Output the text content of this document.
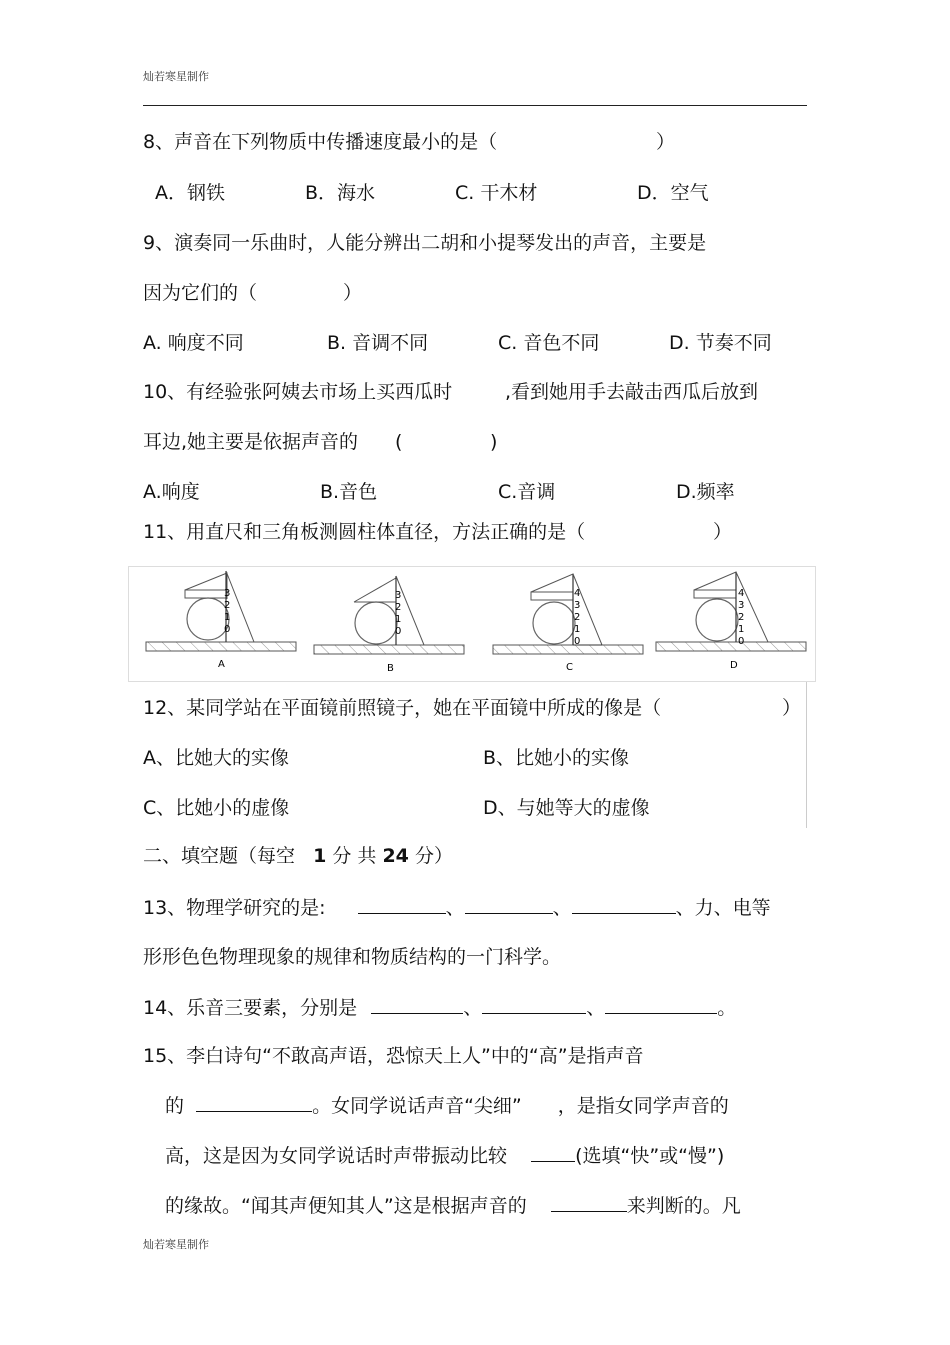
灿若寒星制作
8、声音在下列物质中传播速度最小的是（	）
A．钢铁	B．海水	C. 干木材	D．空气
9、演奏同一乐曲时，人能分辨出二胡和小提琴发出的声音，主要是
因为它们的（	）
A. 响度不同	B. 音调不同	C. 音色不同	D. 节奏不同
10、有经验张阿姨去市场上买西瓜时	,看到她用手去敲击西瓜后放到
耳边,她主要是依据声音的 (	)
A.响度	B.音色	C.音调	D.频率
11、用直尺和三角板测圆柱体直径，方法正确的是（	）
3
2
1
0
A
3
2
1
0
B
4
3
2
1
0
C
4
3
2
1
0
D
12、某同学站在平面镜前照镜子，她在平面镜中所成的像是（	）
A、比她大的实像	B、比她小的实像
C、比她小的虚像	D、与她等大的虚像
二、填空题（每空 1 分 共 24 分）
13、物理学研究的是:	、	、	、力、电等
形形色色物理现象的规律和物质结构的一门科学。
14、乐音三要素，分别是	、	、	。
15、李白诗句“不敢高声语，恐惊天上人”中的“高”是指声音
的	。女同学说话声音“尖细” ，是指女同学声音的
高，这是因为女同学说话时声带振动比较	(选填“快”或“慢”)
的缘故。“闻其声便知其人”这是根据声音的	来判断的。凡
灿若寒星制作
